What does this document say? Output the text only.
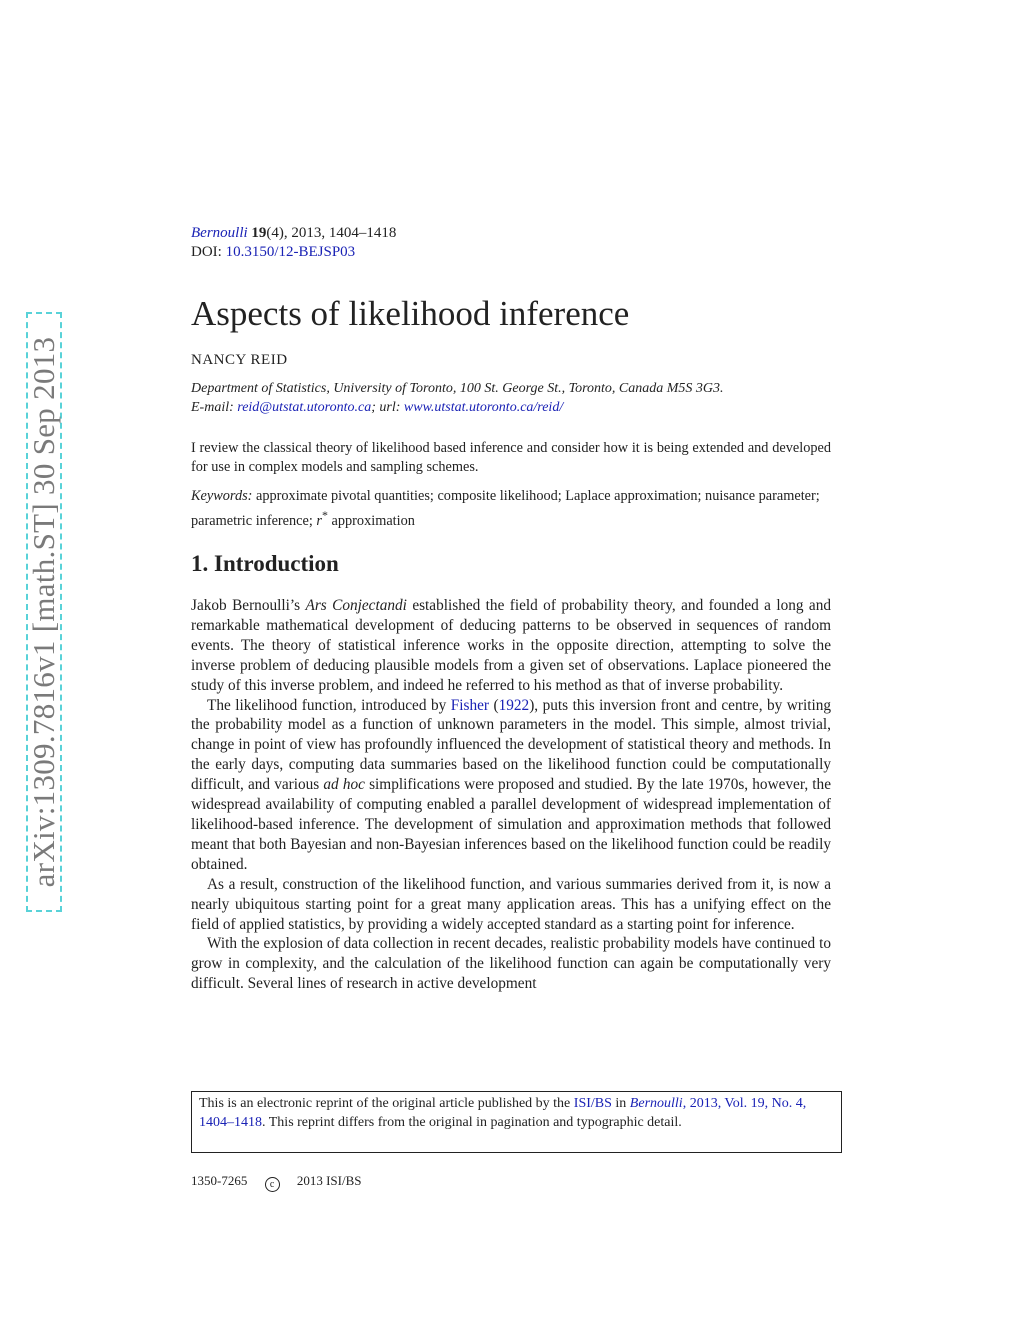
arXiv:1309.7816v1 [math.ST] 30 Sep 2013
Bernoulli 19(4), 2013, 1404–1418
DOI: 10.3150/12-BEJSP03
Aspects of likelihood inference
NANCY REID
Department of Statistics, University of Toronto, 100 St. George St., Toronto, Canada M5S 3G3.
E-mail: reid@utstat.utoronto.ca; url: www.utstat.utoronto.ca/reid/
I review the classical theory of likelihood based inference and consider how it is being extended and developed for use in complex models and sampling schemes.
Keywords: approximate pivotal quantities; composite likelihood; Laplace approximation; nuisance parameter; parametric inference; r* approximation
1. Introduction

Jakob Bernoulli’s Ars Conjectandi established the field of probability theory, and founded a long and remarkable mathematical development of deducing patterns to be observed in sequences of random events. The theory of statistical inference works in the opposite direction, attempting to solve the inverse problem of deducing plausible models from a given set of observations. Laplace pioneered the study of this inverse problem, and indeed he referred to his method as that of inverse probability.

The likelihood function, introduced by Fisher (1922), puts this inversion front and centre, by writing the probability model as a function of unknown parameters in the model. This simple, almost trivial, change in point of view has profoundly influenced the development of statistical theory and methods. In the early days, computing data summaries based on the likelihood function could be computationally difficult, and various ad hoc simplifications were proposed and studied. By the late 1970s, however, the widespread availability of computing enabled a parallel development of widespread implementation of likelihood-based inference. The development of simulation and approximation methods that followed meant that both Bayesian and non-Bayesian inferences based on the likelihood function could be readily obtained.

As a result, construction of the likelihood function, and various summaries derived from it, is now a nearly ubiquitous starting point for a great many application areas. This has a unifying effect on the field of applied statistics, by providing a widely accepted standard as a starting point for inference.

With the explosion of data collection in recent decades, realistic probability models have continued to grow in complexity, and the calculation of the likelihood function can again be computationally very difficult. Several lines of research in active development

This is an electronic reprint of the original article published by the ISI/BS in Bernoulli, 2013, Vol. 19, No. 4, 1404–1418. This reprint differs from the original in pagination and typographic detail.
1350-7265 c 2013 ISI/BS
